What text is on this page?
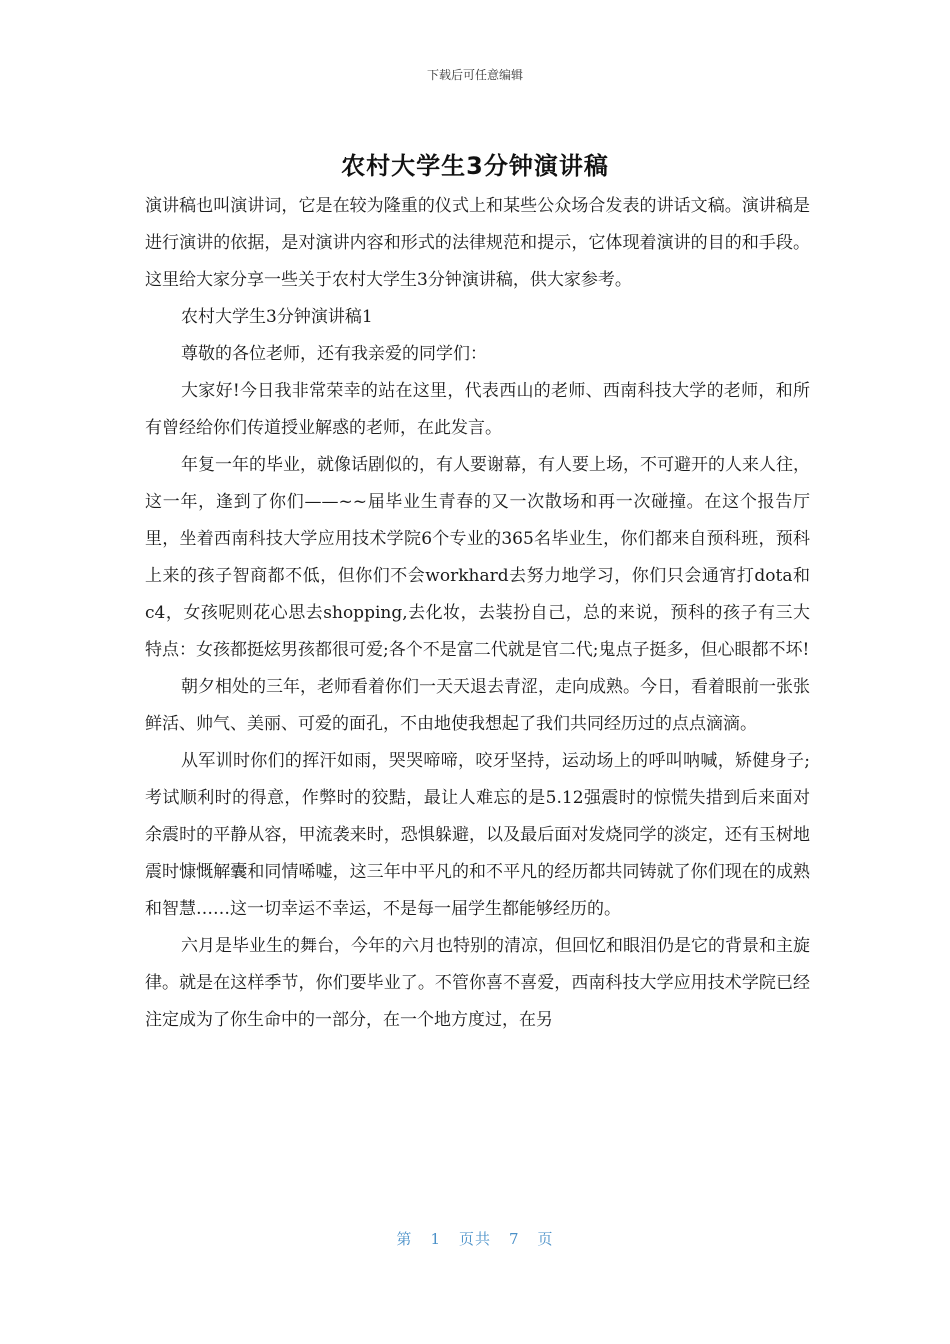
下载后可任意编辑
农村大学生3分钟演讲稿

演讲稿也叫演讲词，它是在较为隆重的仪式上和某些公众场合发表的讲话文稿。演讲稿是进行演讲的依据，是对演讲内容和形式的法律规范和提示，它体现着演讲的目的和手段。这里给大家分享一些关于农村大学生3分钟演讲稿，供大家参考。

农村大学生3分钟演讲稿1

尊敬的各位老师，还有我亲爱的同学们：

大家好!今日我非常荣幸的站在这里，代表西山的老师、西南科技大学的老师，和所有曾经给你们传道授业解惑的老师，在此发言。

年复一年的毕业，就像话剧似的，有人要谢幕，有人要上场，不可避开的人来人往，这一年，逢到了你们——~~届毕业生青春的又一次散场和再一次碰撞。在这个报告厅里，坐着西南科技大学应用技术学院6个专业的365名毕业生，你们都来自预科班，预科上来的孩子智商都不低，但你们不会workhard去努力地学习，你们只会通宵打dota和c4，女孩呢则花心思去shopping,去化妆，去装扮自己，总的来说，预科的孩子有三大特点：女孩都挺炫男孩都很可爱;各个不是富二代就是官二代;鬼点子挺多，但心眼都不坏!

朝夕相处的三年，老师看着你们一天天退去青涩，走向成熟。今日，看着眼前一张张鲜活、帅气、美丽、可爱的面孔，不由地使我想起了我们共同经历过的点点滴滴。

从军训时你们的挥汗如雨，哭哭啼啼，咬牙坚持，运动场上的呼叫呐喊，矫健身子;考试顺利时的得意，作弊时的狡黠，最让人难忘的是5.12强震时的惊慌失措到后来面对余震时的平静从容，甲流袭来时，恐惧躲避，以及最后面对发烧同学的淡定，还有玉树地震时慷慨解囊和同情唏嘘，这三年中平凡的和不平凡的经历都共同铸就了你们现在的成熟和智慧……这一切幸运不幸运，不是每一届学生都能够经历的。

六月是毕业生的舞台，今年的六月也特别的清凉，但回忆和眼泪仍是它的背景和主旋律。就是在这样季节，你们要毕业了。不管你喜不喜爱，西南科技大学应用技术学院已经注定成为了你生命中的一部分，在一个地方度过，在另

第 1 页共 7 页
